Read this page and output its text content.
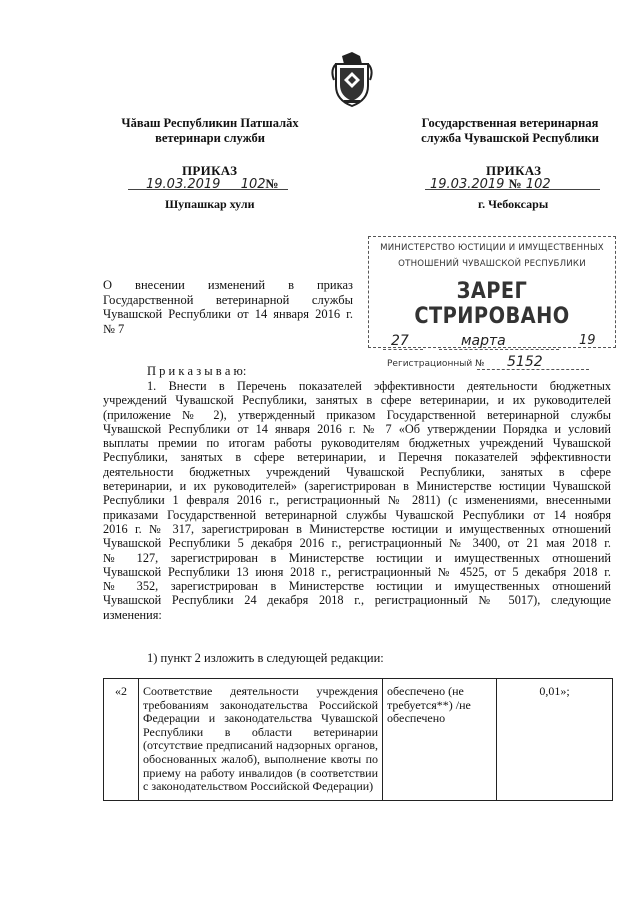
Чăваш Республикин Патшалăх
ветеринари служби
ПРИКАЗ
19.03.2019 102№
Шупашкар хули
Государственная ветеринарная
служба Чувашской Республики
ПРИКАЗ
19.03.2019 № 102
г. Чебоксары
МИНИСТЕРСТВО ЮСТИЦИИ И ИМУЩЕСТВЕННЫХ
ОТНОШЕНИЙ ЧУВАШСКОЙ РЕСПУБЛИКИ
ЗАРЕГ СТРИРОВАНО
27	марта	19
Регистрационный № 5152
О внесении изменений в приказ
Государственной ветеринарной службы
Чувашской Республики от 14 января 2016 г.
№ 7
П р и к а з ы в а ю:
1. Внести в Перечень показателей эффективности деятельности бюджетных
учреждений Чувашской Республики, занятых в сфере ветеринарии, и их руководителей
(приложение № 2), утвержденный приказом Государственной ветеринарной службы
Чувашской Республики от 14 января 2016 г. № 7 «Об утверждении Порядка и условий
выплаты премии по итогам работы руководителям бюджетных учреждений Чувашской
Республики, занятых в сфере ветеринарии, и Перечня показателей эффективности
деятельности бюджетных учреждений Чувашской Республики, занятых в сфере
ветеринарии, и их руководителей» (зарегистрирован в Министерстве юстиции Чувашской
Республики 1 февраля 2016 г., регистрационный № 2811) (с изменениями, внесенными
приказами Государственной ветеринарной службы Чувашской Республики от 14 ноября
2016 г. № 317, зарегистрирован в Министерстве юстиции и имущественных отношений
Чувашской Республики 5 декабря 2016 г., регистрационный № 3400, от 21 мая 2018 г.
№ 127, зарегистрирован в Министерстве юстиции и имущественных отношений
Чувашской Республики 13 июня 2018 г., регистрационный № 4525, от 5 декабря 2018 г.
№ 352, зарегистрирован в Министерстве юстиции и имущественных отношений
Чувашской Республики 24 декабря 2018 г., регистрационный № 5017), следующие
изменения:
1) пункт 2 изложить в следующей редакции:
«2	Соответствие деятельности учреждения требованиям законодательства Российской Федерации и законодательства Чувашской Республики в области ветеринарии (отсутствие предписаний надзорных органов, обоснованных жалоб), выполнение квоты по приему на работу инвалидов (в соответствии с законодательством Российской Федерации)	обеспечено (не требуется**) /не обеспечено	0,01»;
